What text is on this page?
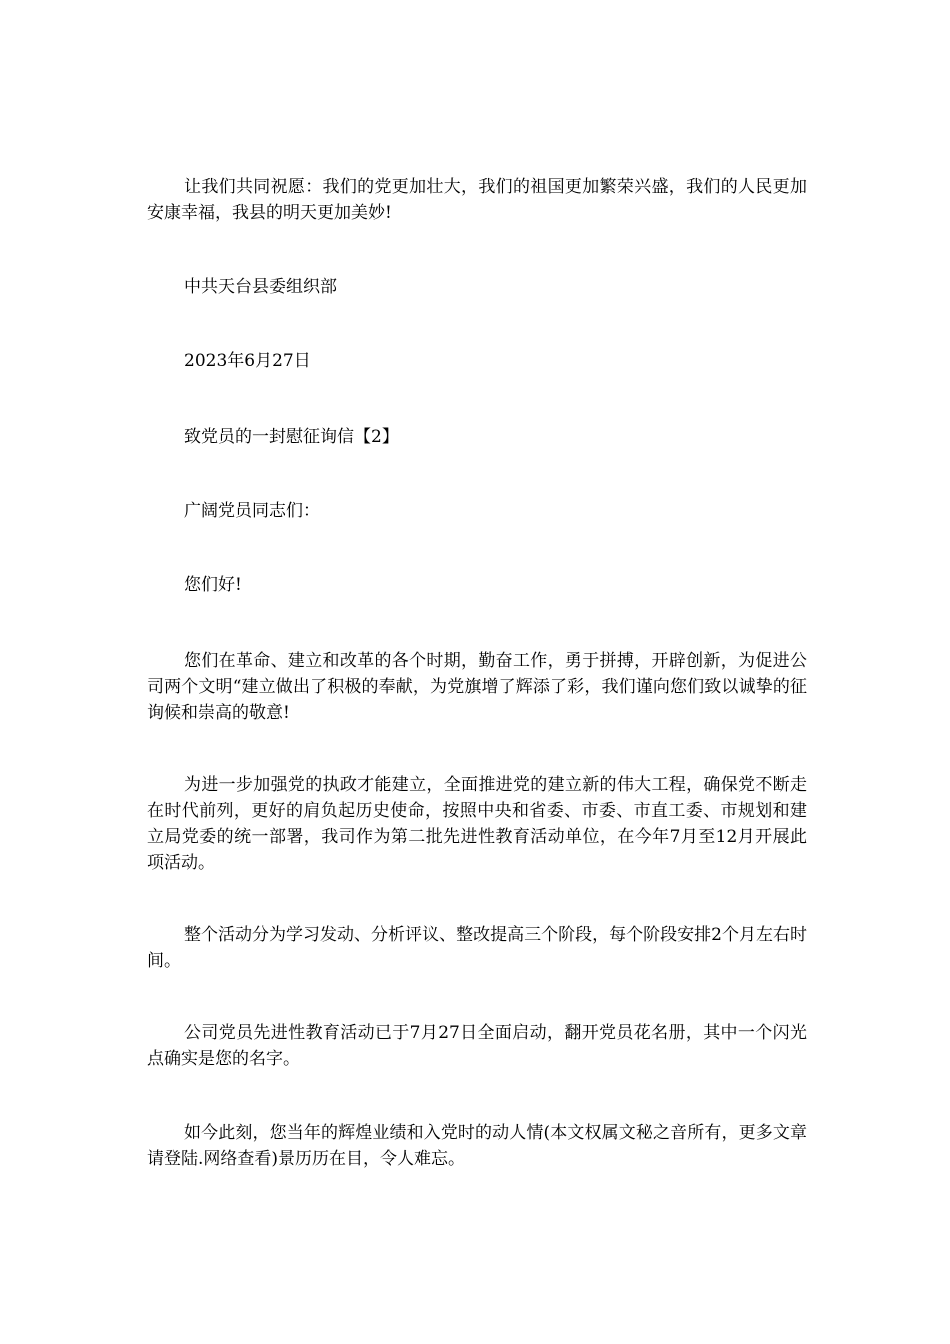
让我们共同祝愿：我们的党更加壮大，我们的祖国更加繁荣兴盛，我们的人民更加安康幸福，我县的明天更加美妙!

中共天台县委组织部

2023年6月27日

致党员的一封慰征询信【2】

广阔党员同志们：

您们好!

您们在革命、建立和改革的各个时期，勤奋工作，勇于拼搏，开辟创新，为促进公司两个文明“建立做出了积极的奉献，为党旗增了辉添了彩，我们谨向您们致以诚挚的征询候和崇高的敬意!

为进一步加强党的执政才能建立，全面推进党的建立新的伟大工程，确保党不断走在时代前列，更好的肩负起历史使命，按照中央和省委、市委、市直工委、市规划和建立局党委的统一部署，我司作为第二批先进性教育活动单位，在今年7月至12月开展此项活动。

整个活动分为学习发动、分析评议、整改提高三个阶段，每个阶段安排2个月左右时间。

公司党员先进性教育活动已于7月27日全面启动，翻开党员花名册，其中一个闪光点确实是您的名字。

如今此刻，您当年的辉煌业绩和入党时的动人情(本文权属文秘之音所有，更多文章请登陆.网络查看)景历历在目，令人难忘。
